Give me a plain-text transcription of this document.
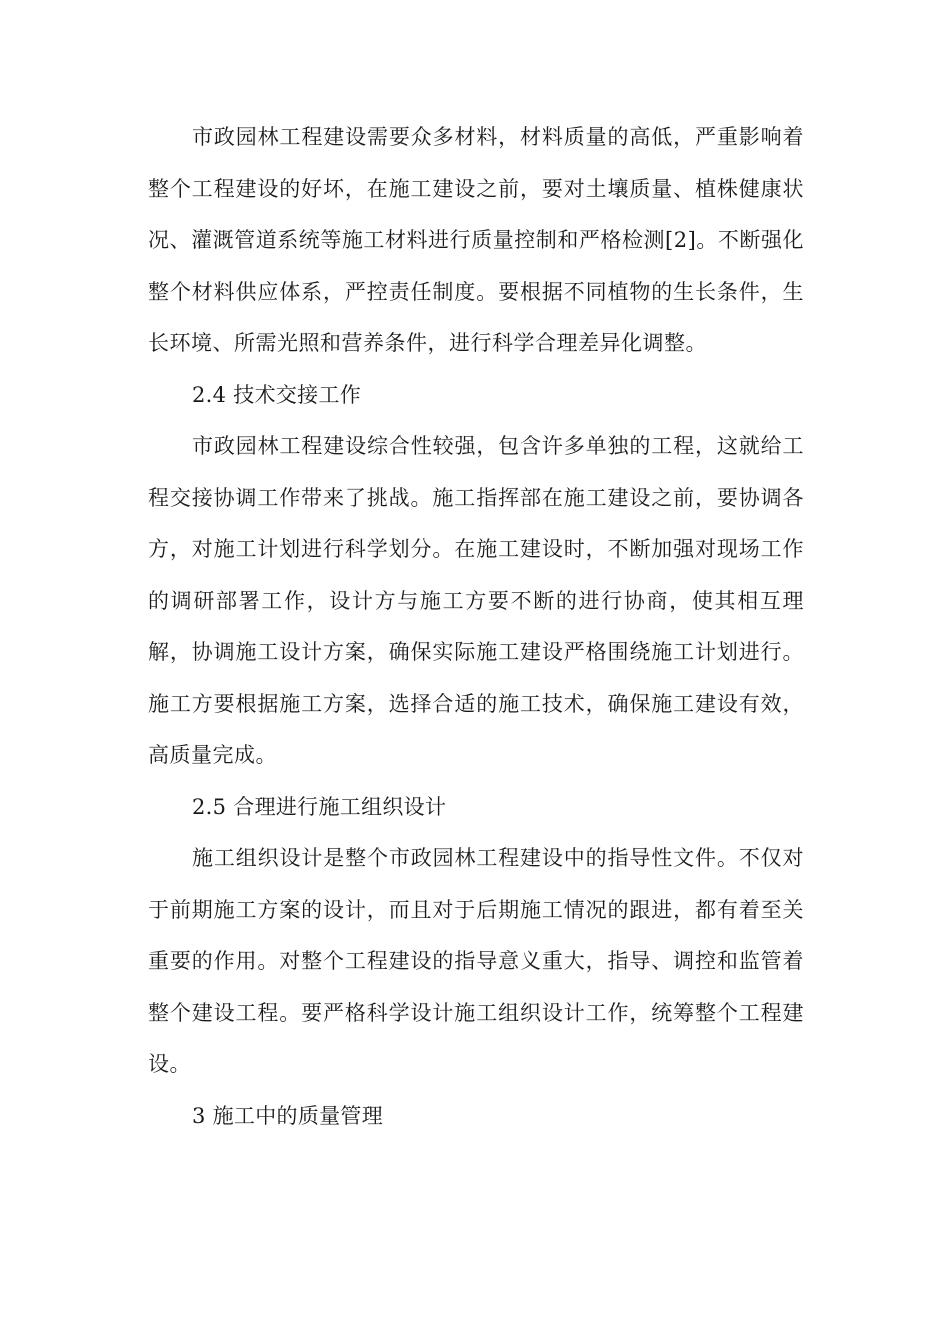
市政园林工程建设需要众多材料，材料质量的高低，严重影响着整个工程建设的好坏，在施工建设之前，要对土壤质量、植株健康状况、灌溉管道系统等施工材料进行质量控制和严格检测[2]。不断强化整个材料供应体系，严控责任制度。要根据不同植物的生长条件，生长环境、所需光照和营养条件，进行科学合理差异化调整。

2.4 技术交接工作

市政园林工程建设综合性较强，包含许多单独的工程，这就给工程交接协调工作带来了挑战。施工指挥部在施工建设之前，要协调各方，对施工计划进行科学划分。在施工建设时，不断加强对现场工作的调研部署工作，设计方与施工方要不断的进行协商，使其相互理解，协调施工设计方案，确保实际施工建设严格围绕施工计划进行。施工方要根据施工方案，选择合适的施工技术，确保施工建设有效，高质量完成。

2.5 合理进行施工组织设计

施工组织设计是整个市政园林工程建设中的指导性文件。不仅对于前期施工方案的设计，而且对于后期施工情况的跟进，都有着至关重要的作用。对整个工程建设的指导意义重大，指导、调控和监管着整个建设工程。要严格科学设计施工组织设计工作，统筹整个工程建设。

3 施工中的质量管理
